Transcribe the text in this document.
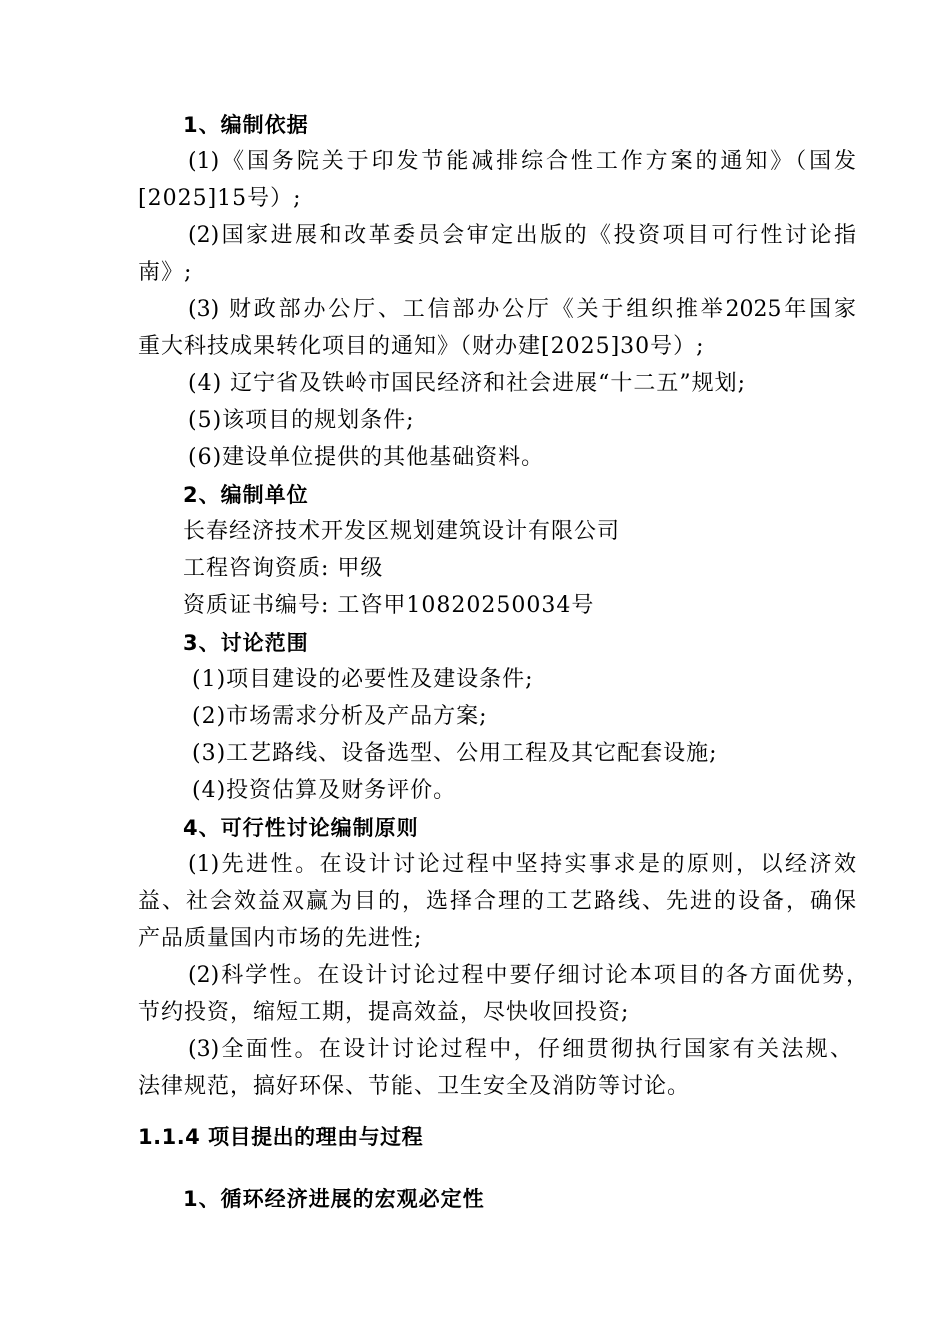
1、编制依据
(1)《国务院关于印发节能减排综合性工作方案的通知》（国发
[2025]15号）;
(2)国家进展和改革委员会审定出版的《投资项目可行性讨论指
南》;
(3) 财政部办公厅、工信部办公厅《关于组织推举2025年国家
重大科技成果转化项目的通知》（财办建[2025]30号）;
(4) 辽宁省及铁岭市国民经济和社会进展“十二五”规划;
(5)该项目的规划条件;
(6)建设单位提供的其他基础资料。
2、编制单位
长春经济技术开发区规划建筑设计有限公司
工程咨询资质: 甲级
资质证书编号: 工咨甲10820250034号
3、讨论范围
(1)项目建设的必要性及建设条件;
(2)市场需求分析及产品方案;
(3)工艺路线、设备选型、公用工程及其它配套设施;
(4)投资估算及财务评价。
4、可行性讨论编制原则
(1)先进性。在设计讨论过程中坚持实事求是的原则，以经济效
益、社会效益双赢为目的，选择合理的工艺路线、先进的设备，确保
产品质量国内市场的先进性;
(2)科学性。在设计讨论过程中要仔细讨论本项目的各方面优势，
节约投资，缩短工期，提高效益，尽快收回投资;
(3)全面性。在设计讨论过程中，仔细贯彻执行国家有关法规、
法律规范，搞好环保、节能、卫生安全及消防等讨论。
1.1.4 项目提出的理由与过程
1、循环经济进展的宏观必定性
